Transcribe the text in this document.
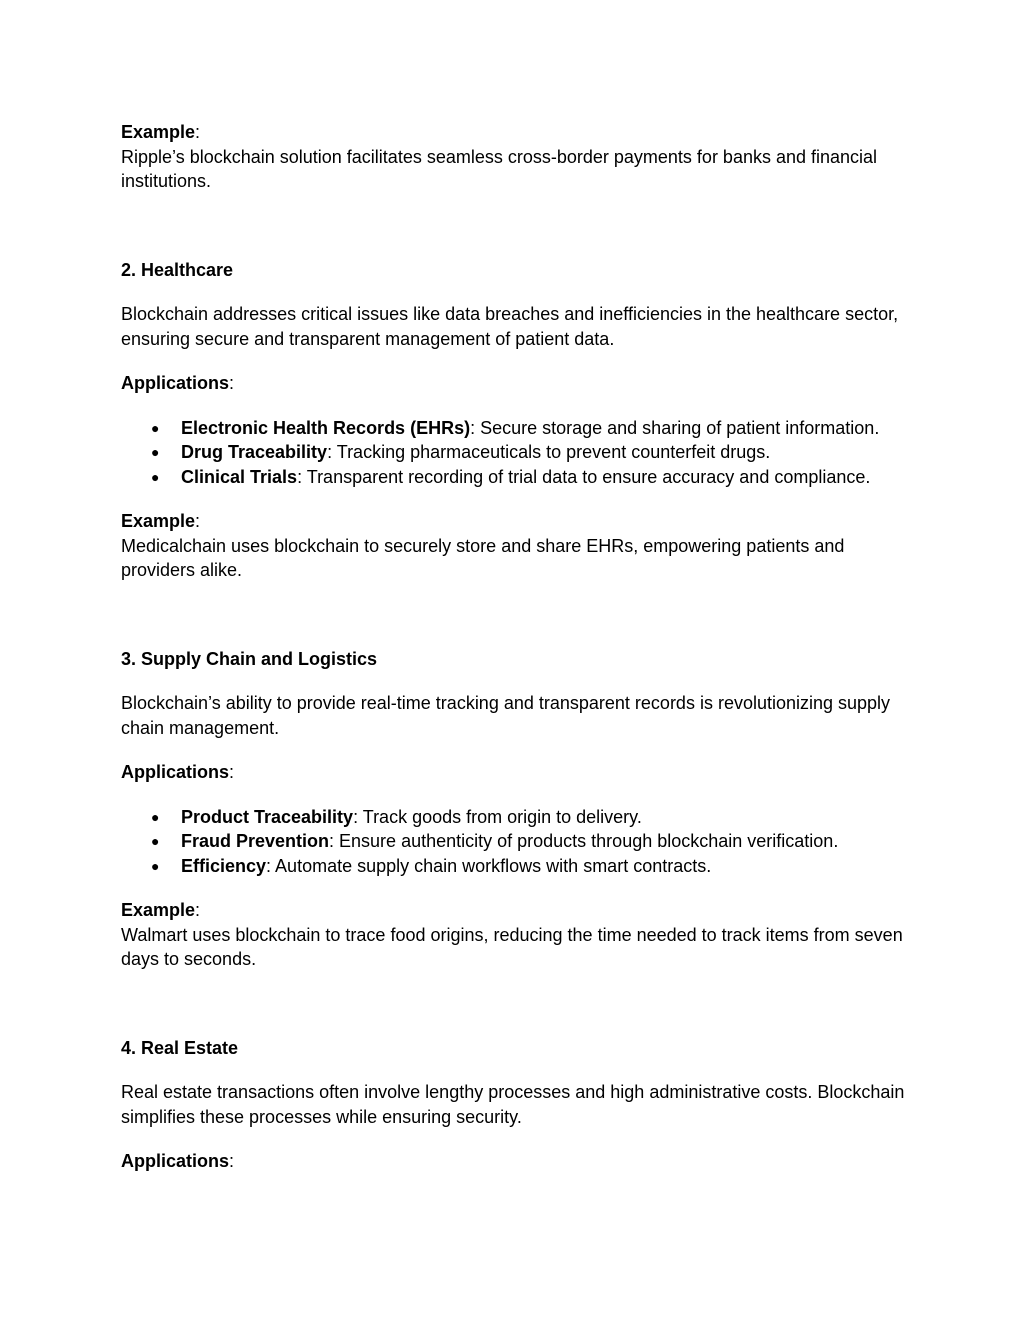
Example:

Ripple’s blockchain solution facilitates seamless cross-border payments for banks and financial institutions.

2. Healthcare

Blockchain addresses critical issues like data breaches and inefficiencies in the healthcare sector, ensuring secure and transparent management of patient data.

Applications:

● Electronic Health Records (EHRs): Secure storage and sharing of patient information.
● Drug Traceability: Tracking pharmaceuticals to prevent counterfeit drugs.
● Clinical Trials: Transparent recording of trial data to ensure accuracy and compliance.

Example:

Medicalchain uses blockchain to securely store and share EHRs, empowering patients and providers alike.

3. Supply Chain and Logistics

Blockchain’s ability to provide real-time tracking and transparent records is revolutionizing supply chain management.

Applications:

● Product Traceability: Track goods from origin to delivery.
● Fraud Prevention: Ensure authenticity of products through blockchain verification.
● Efficiency: Automate supply chain workflows with smart contracts.

Example:

Walmart uses blockchain to trace food origins, reducing the time needed to track items from seven days to seconds.

4. Real Estate

Real estate transactions often involve lengthy processes and high administrative costs. Blockchain simplifies these processes while ensuring security.

Applications:
